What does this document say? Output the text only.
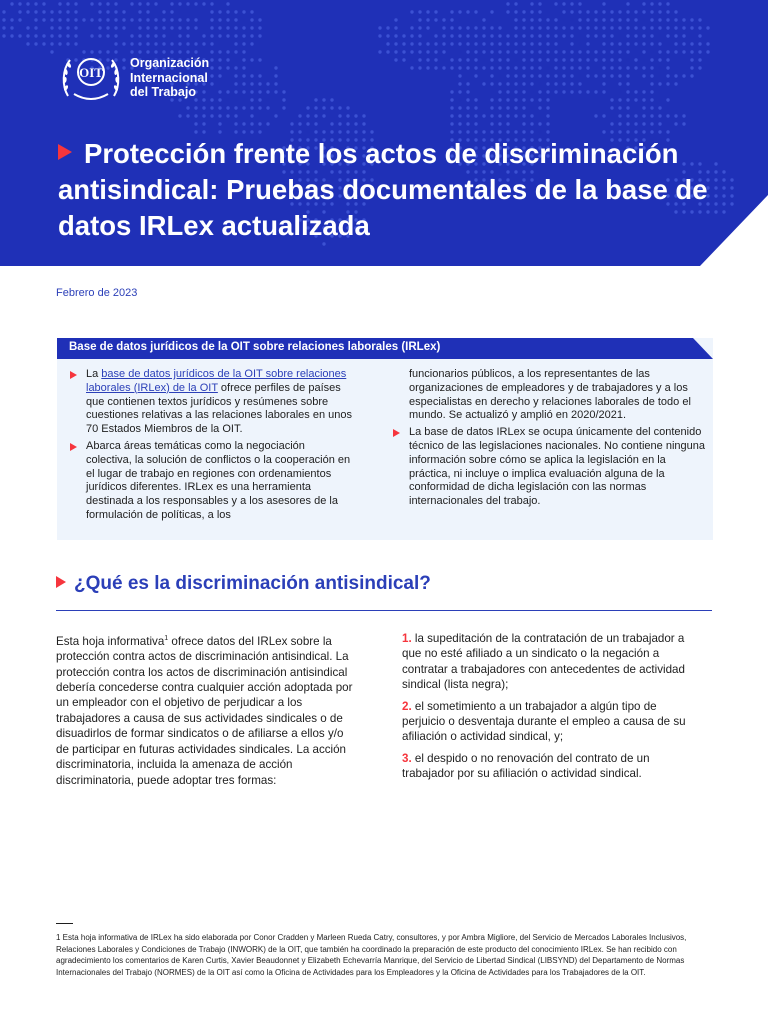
OIT
Organización
Internacional
del Trabajo
Protección frente los actos de discriminación antisindical: Pruebas documentales de la base de datos IRLex actualizada
Febrero de 2023
Base de datos jurídicos de la OIT sobre relaciones laborales (IRLex)
La base de datos jurídicos de la OIT sobre relaciones laborales (IRLex) de la OIT ofrece perfiles de países que contienen textos jurídicos y resúmenes sobre cuestiones relativas a las relaciones laborales en unos 70 Estados Miembros de la OIT.
Abarca áreas temáticas como la negociación colectiva, la solución de conflictos o la cooperación en el lugar de trabajo en regiones con ordenamientos jurídicos diferentes. IRLex es una herramienta destinada a los responsables y a los asesores de la formulación de políticas, a los
funcionarios públicos, a los representantes de las organizaciones de empleadores y de trabajadores y a los especialistas en derecho y relaciones laborales de todo el mundo. Se actualizó y amplió en 2020/2021.
La base de datos IRLex se ocupa únicamente del contenido técnico de las legislaciones nacionales. No contiene ninguna información sobre cómo se aplica la legislación en la práctica, ni incluye o implica evaluación alguna de la conformidad de dicha legislación con las normas internacionales del trabajo.
¿Qué es la discriminación antisindical?
Esta hoja informativa$^1$ ofrece datos del IRLex sobre la protección contra actos de discriminación antisindical. La protección contra los actos de discriminación antisindical debería concederse contra cualquier acción adoptada por un empleador con el objetivo de perjudicar a los trabajadores a causa de sus actividades sindicales o de disuadirlos de formar sindicatos o de afiliarse a ellos y/o de participar en futuras actividades sindicales. La acción discriminatoria, incluida la amenaza de acción discriminatoria, puede adoptar tres formas:
1. la supeditación de la contratación de un trabajador a que no esté afiliado a un sindicato o la negación a contratar a trabajadores con antecedentes de actividad sindical (lista negra);
2. el sometimiento a un trabajador a algún tipo de perjuicio o desventaja durante el empleo a causa de su afiliación o actividad sindical, y;
3. el despido o no renovación del contrato de un trabajador por su afiliación o actividad sindical.
1 Esta hoja informativa de IRLex ha sido elaborada por Conor Cradden y Marleen Rueda Catry, consultores, y por Ambra Migliore, del Servicio de Mercados Laborales Inclusivos, Relaciones Laborales y Condiciones de Trabajo (INWORK) de la OIT, que también ha coordinado la preparación de este producto del conocimiento IRLex. Se han recibido con agradecimiento los comentarios de Karen Curtis, Xavier Beaudonnet y Elizabeth Echevarría Manrique, del Servicio de Libertad Sindical (LIBSYND) del Departamento de Normas Internacionales del Trabajo (NORMES) de la OIT así como la Oficina de Actividades para los Empleadores y la Oficina de Actividades para los Trabajadores de la OIT.
